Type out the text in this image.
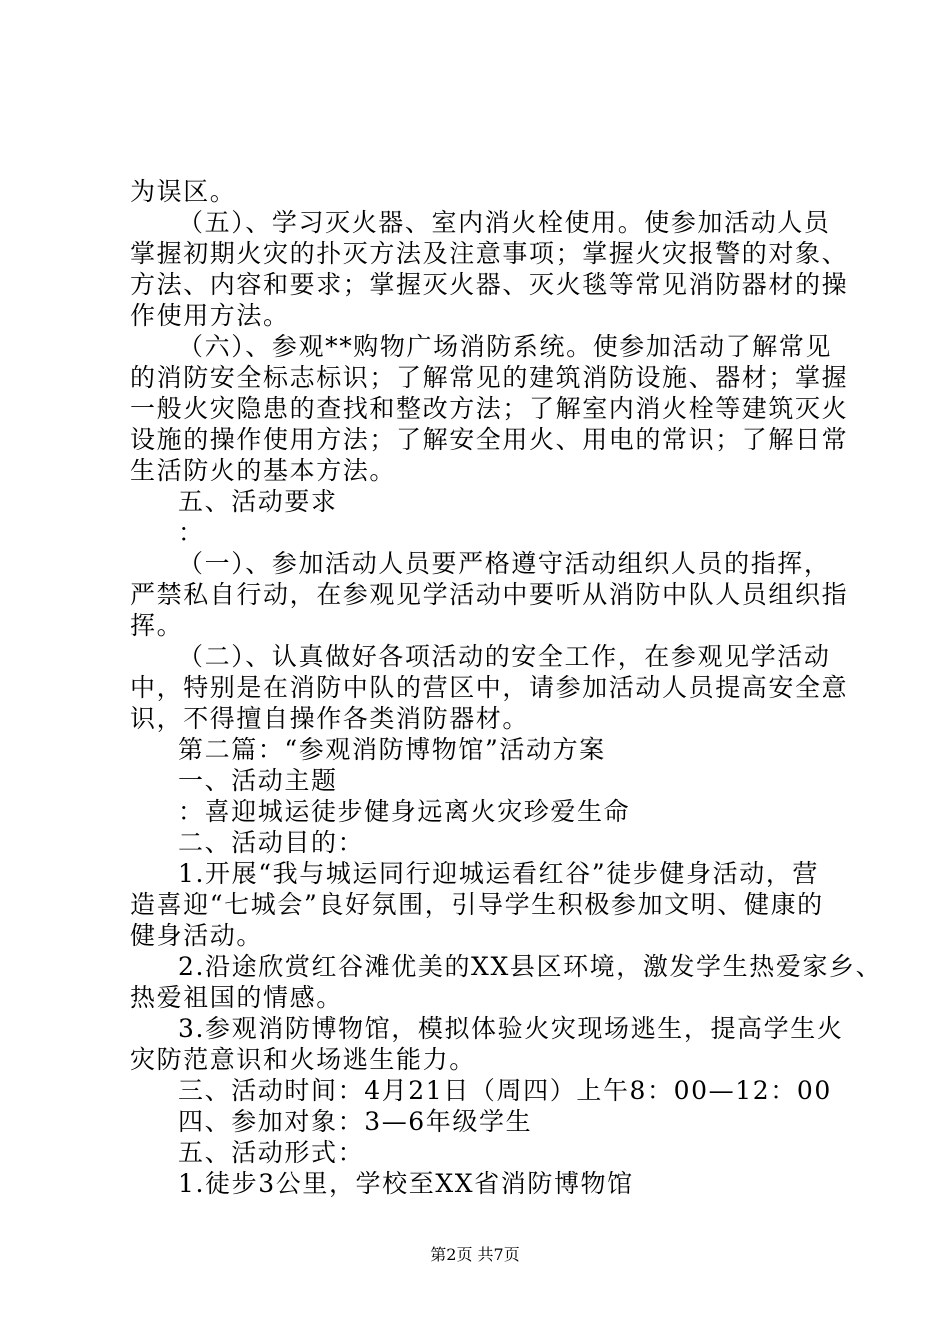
为误区。
（五）、学习灭火器、室内消火栓使用。使参加活动人员
掌握初期火灾的扑灭方法及注意事项；掌握火灾报警的对象、
方法、内容和要求；掌握灭火器、灭火毯等常见消防器材的操
作使用方法。
（六）、参观**购物广场消防系统。使参加活动了解常见
的消防安全标志标识；了解常见的建筑消防设施、器材；掌握
一般火灾隐患的查找和整改方法；了解室内消火栓等建筑灭火
设施的操作使用方法；了解安全用火、用电的常识；了解日常
生活防火的基本方法。
五、活动要求
：
（一）、参加活动人员要严格遵守活动组织人员的指挥，
严禁私自行动，在参观见学活动中要听从消防中队人员组织指
挥。
（二）、认真做好各项活动的安全工作，在参观见学活动
中，特别是在消防中队的营区中，请参加活动人员提高安全意
识，不得擅自操作各类消防器材。
第二篇：“参观消防博物馆”活动方案
一、活动主题
：喜迎城运徒步健身远离火灾珍爱生命
二、活动目的：
1.开展“我与城运同行迎城运看红谷”徒步健身活动，营
造喜迎“七城会”良好氛围，引导学生积极参加文明、健康的
健身活动。
2.沿途欣赏红谷滩优美的XX县区环境，激发学生热爱家乡、
热爱祖国的情感。
3.参观消防博物馆，模拟体验火灾现场逃生，提高学生火
灾防范意识和火场逃生能力。
三、活动时间：4月21日（周四）上午8：00—12：00
四、参加对象：3—6年级学生
五、活动形式：
1.徒步3公里，学校至XX省消防博物馆
第2页 共7页
